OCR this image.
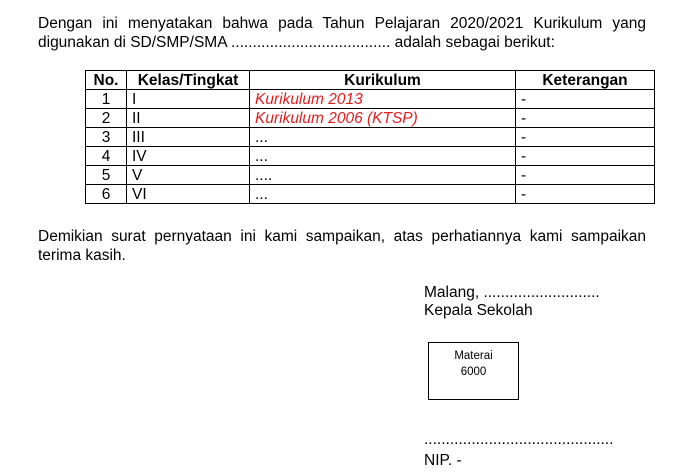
Dengan ini menyatakan bahwa pada Tahun Pelajaran 2020/2021 Kurikulum yang digunakan di SD/SMP/SMA ..................................... adalah sebagai berikut:
No.	Kelas/Tingkat	Kurikulum	Keterangan
1	I	Kurikulum 2013	-
2	II	Kurikulum 2006 (KTSP)	-
3	III	...	-
4	IV	...	-
5	V	....	-
6	VI	...	-
Demikian surat pernyataan ini kami sampaikan, atas perhatiannya kami sampaikan terima kasih.
Malang, ...........................
Kepala Sekolah
Materai
6000
............................................
NIP. -
